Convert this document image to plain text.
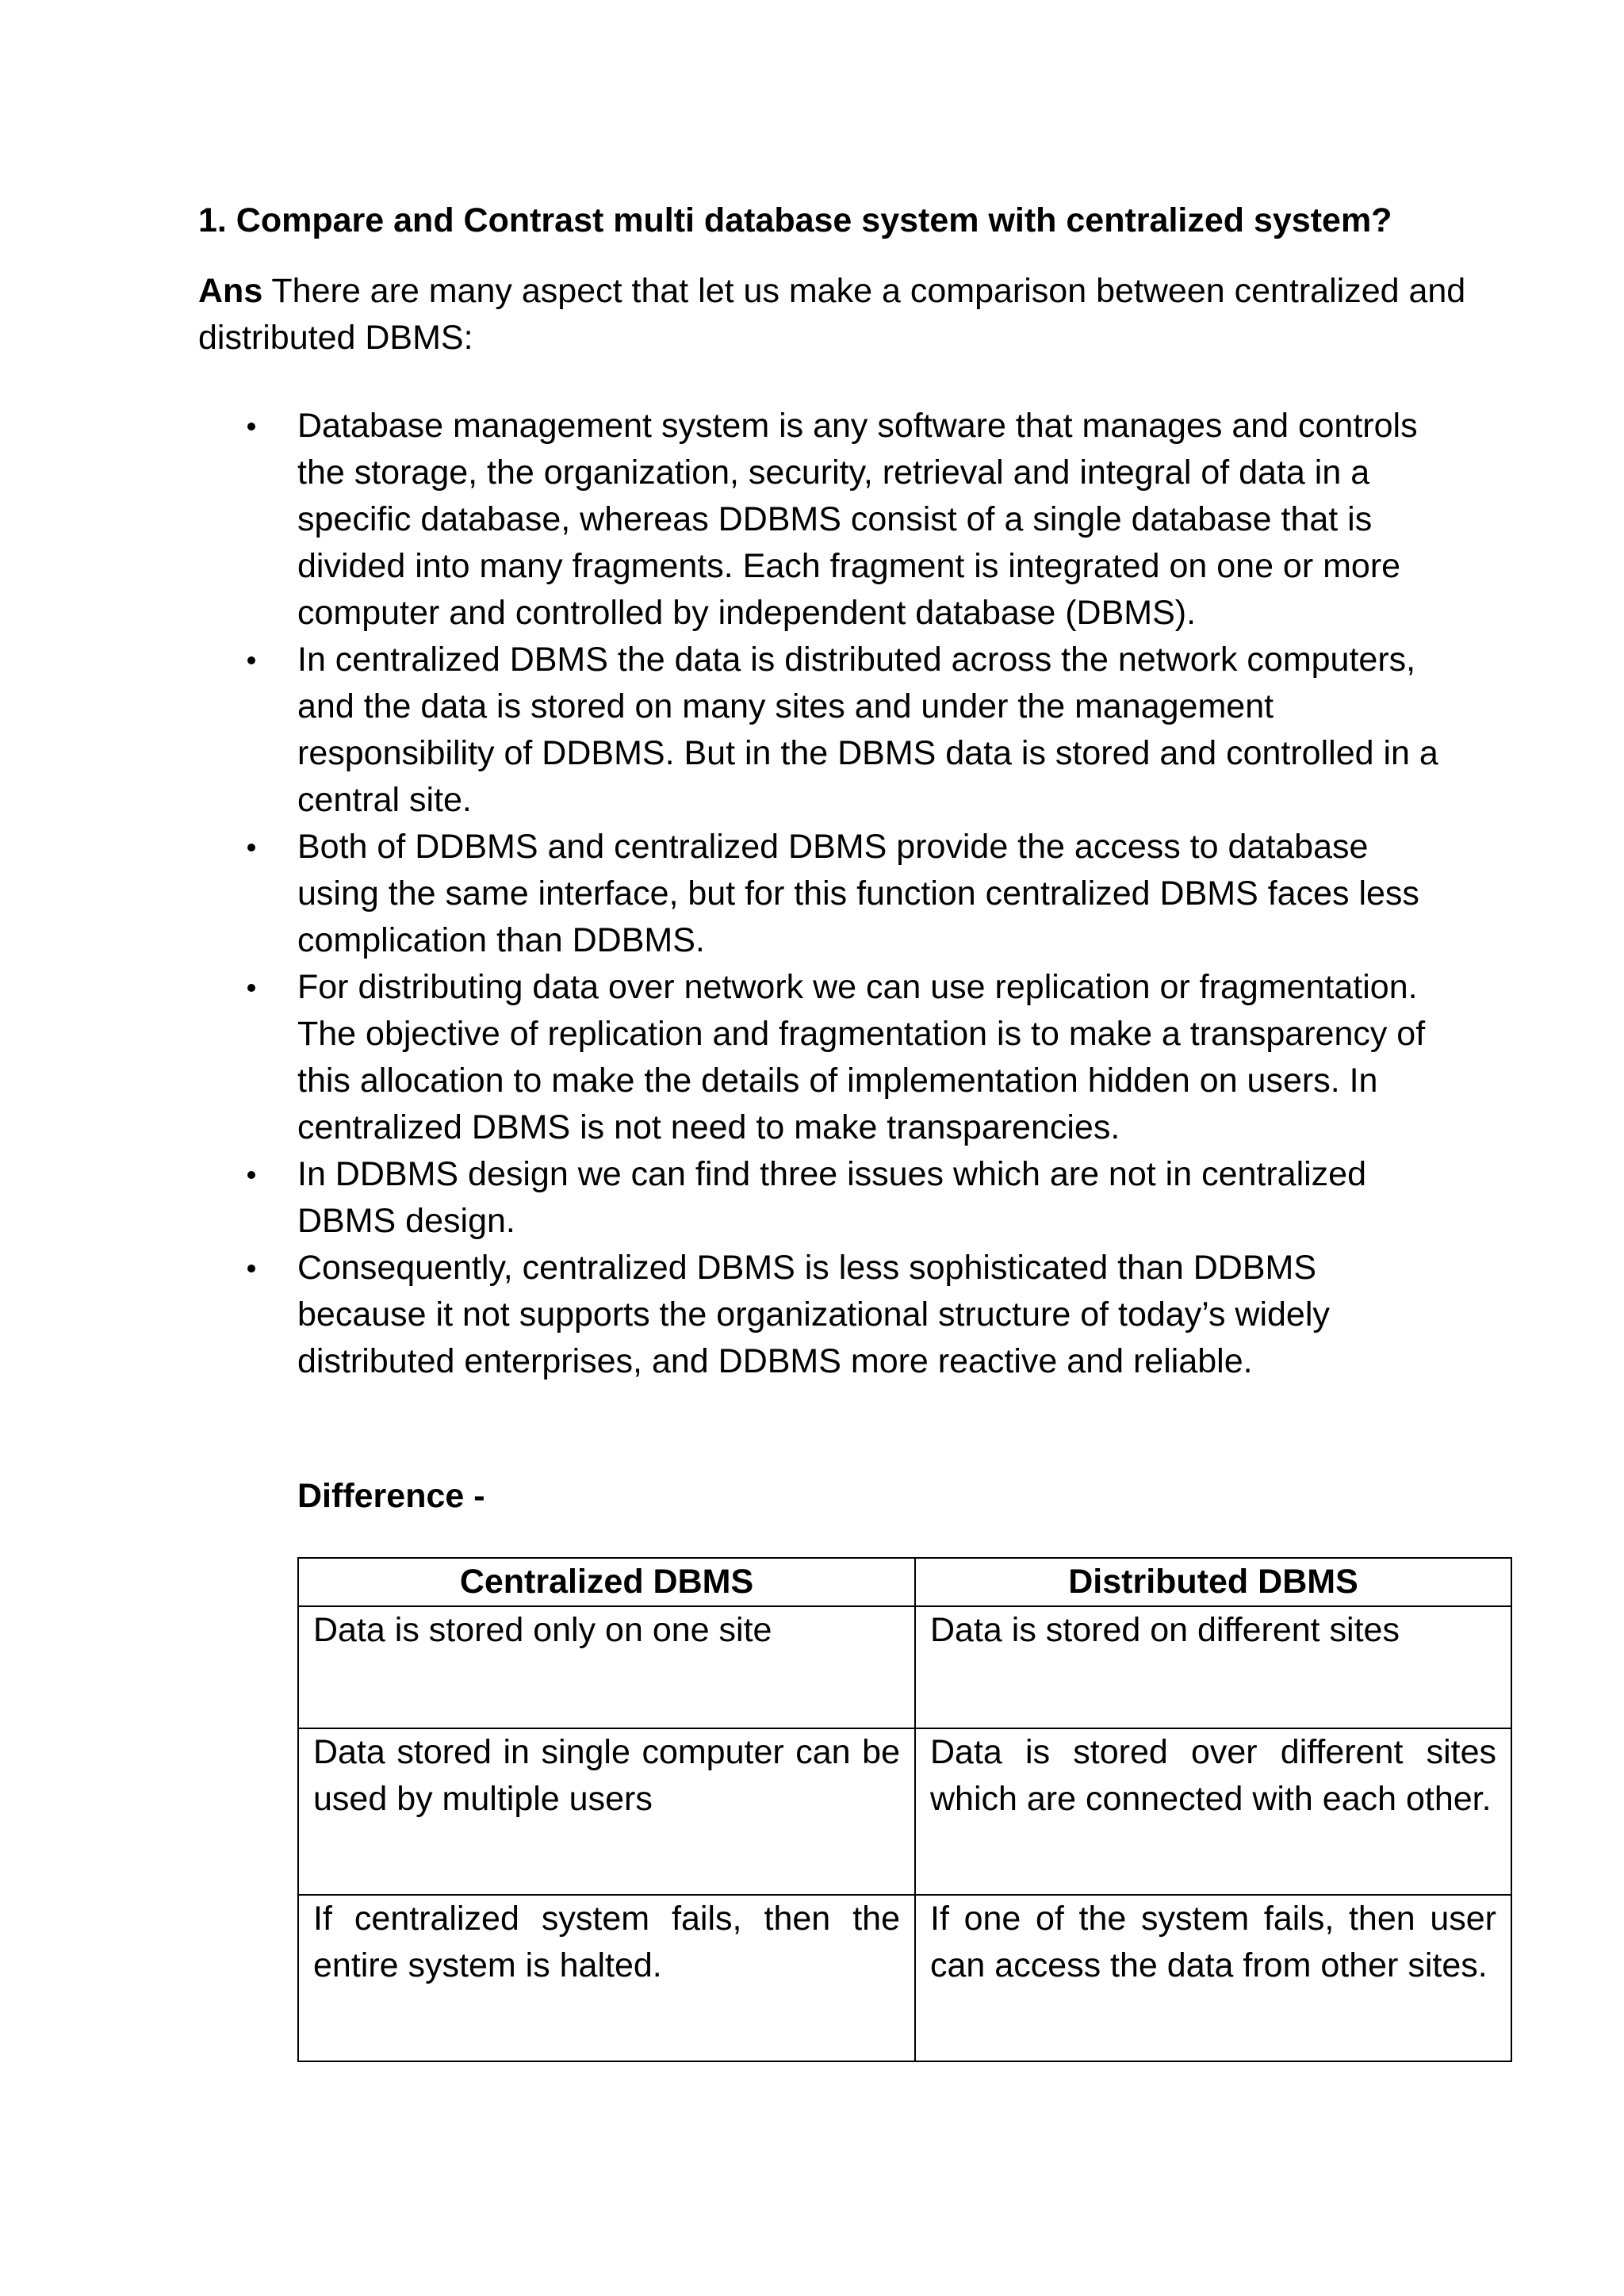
1. Compare and Contrast multi database system with centralized system?

Ans There are many aspect that let us make a comparison between centralized and distributed DBMS:

Database management system is any software that manages and controls the storage, the organization, security, retrieval and integral of data in a specific database, whereas DDBMS consist of a single database that is divided into many fragments. Each fragment is integrated on one or more computer and controlled by independent database (DBMS).
In centralized DBMS the data is distributed across the network computers, and the data is stored on many sites and under the management responsibility of DDBMS. But in the DBMS data is stored and controlled in a central site.
Both of DDBMS and centralized DBMS provide the access to database using the same interface, but for this function centralized DBMS faces less complication than DDBMS.
For distributing data over network we can use replication or fragmentation. The objective of replication and fragmentation is to make a transparency of this allocation to make the details of implementation hidden on users. In centralized DBMS is not need to make transparencies.
In DDBMS design we can find three issues which are not in centralized DBMS design.
Consequently, centralized DBMS is less sophisticated than DDBMS because it not supports the organizational structure of today’s widely distributed enterprises, and DDBMS more reactive and reliable.

Difference -

Centralized DBMS	Distributed DBMS
Data is stored only on one site	Data is stored on different sites
Data stored in single computer can be used by multiple users	Data is stored over different sites which are connected with each other.
If centralized system fails, then the entire system is halted.	If one of the system fails, then user can access the data from other sites.
